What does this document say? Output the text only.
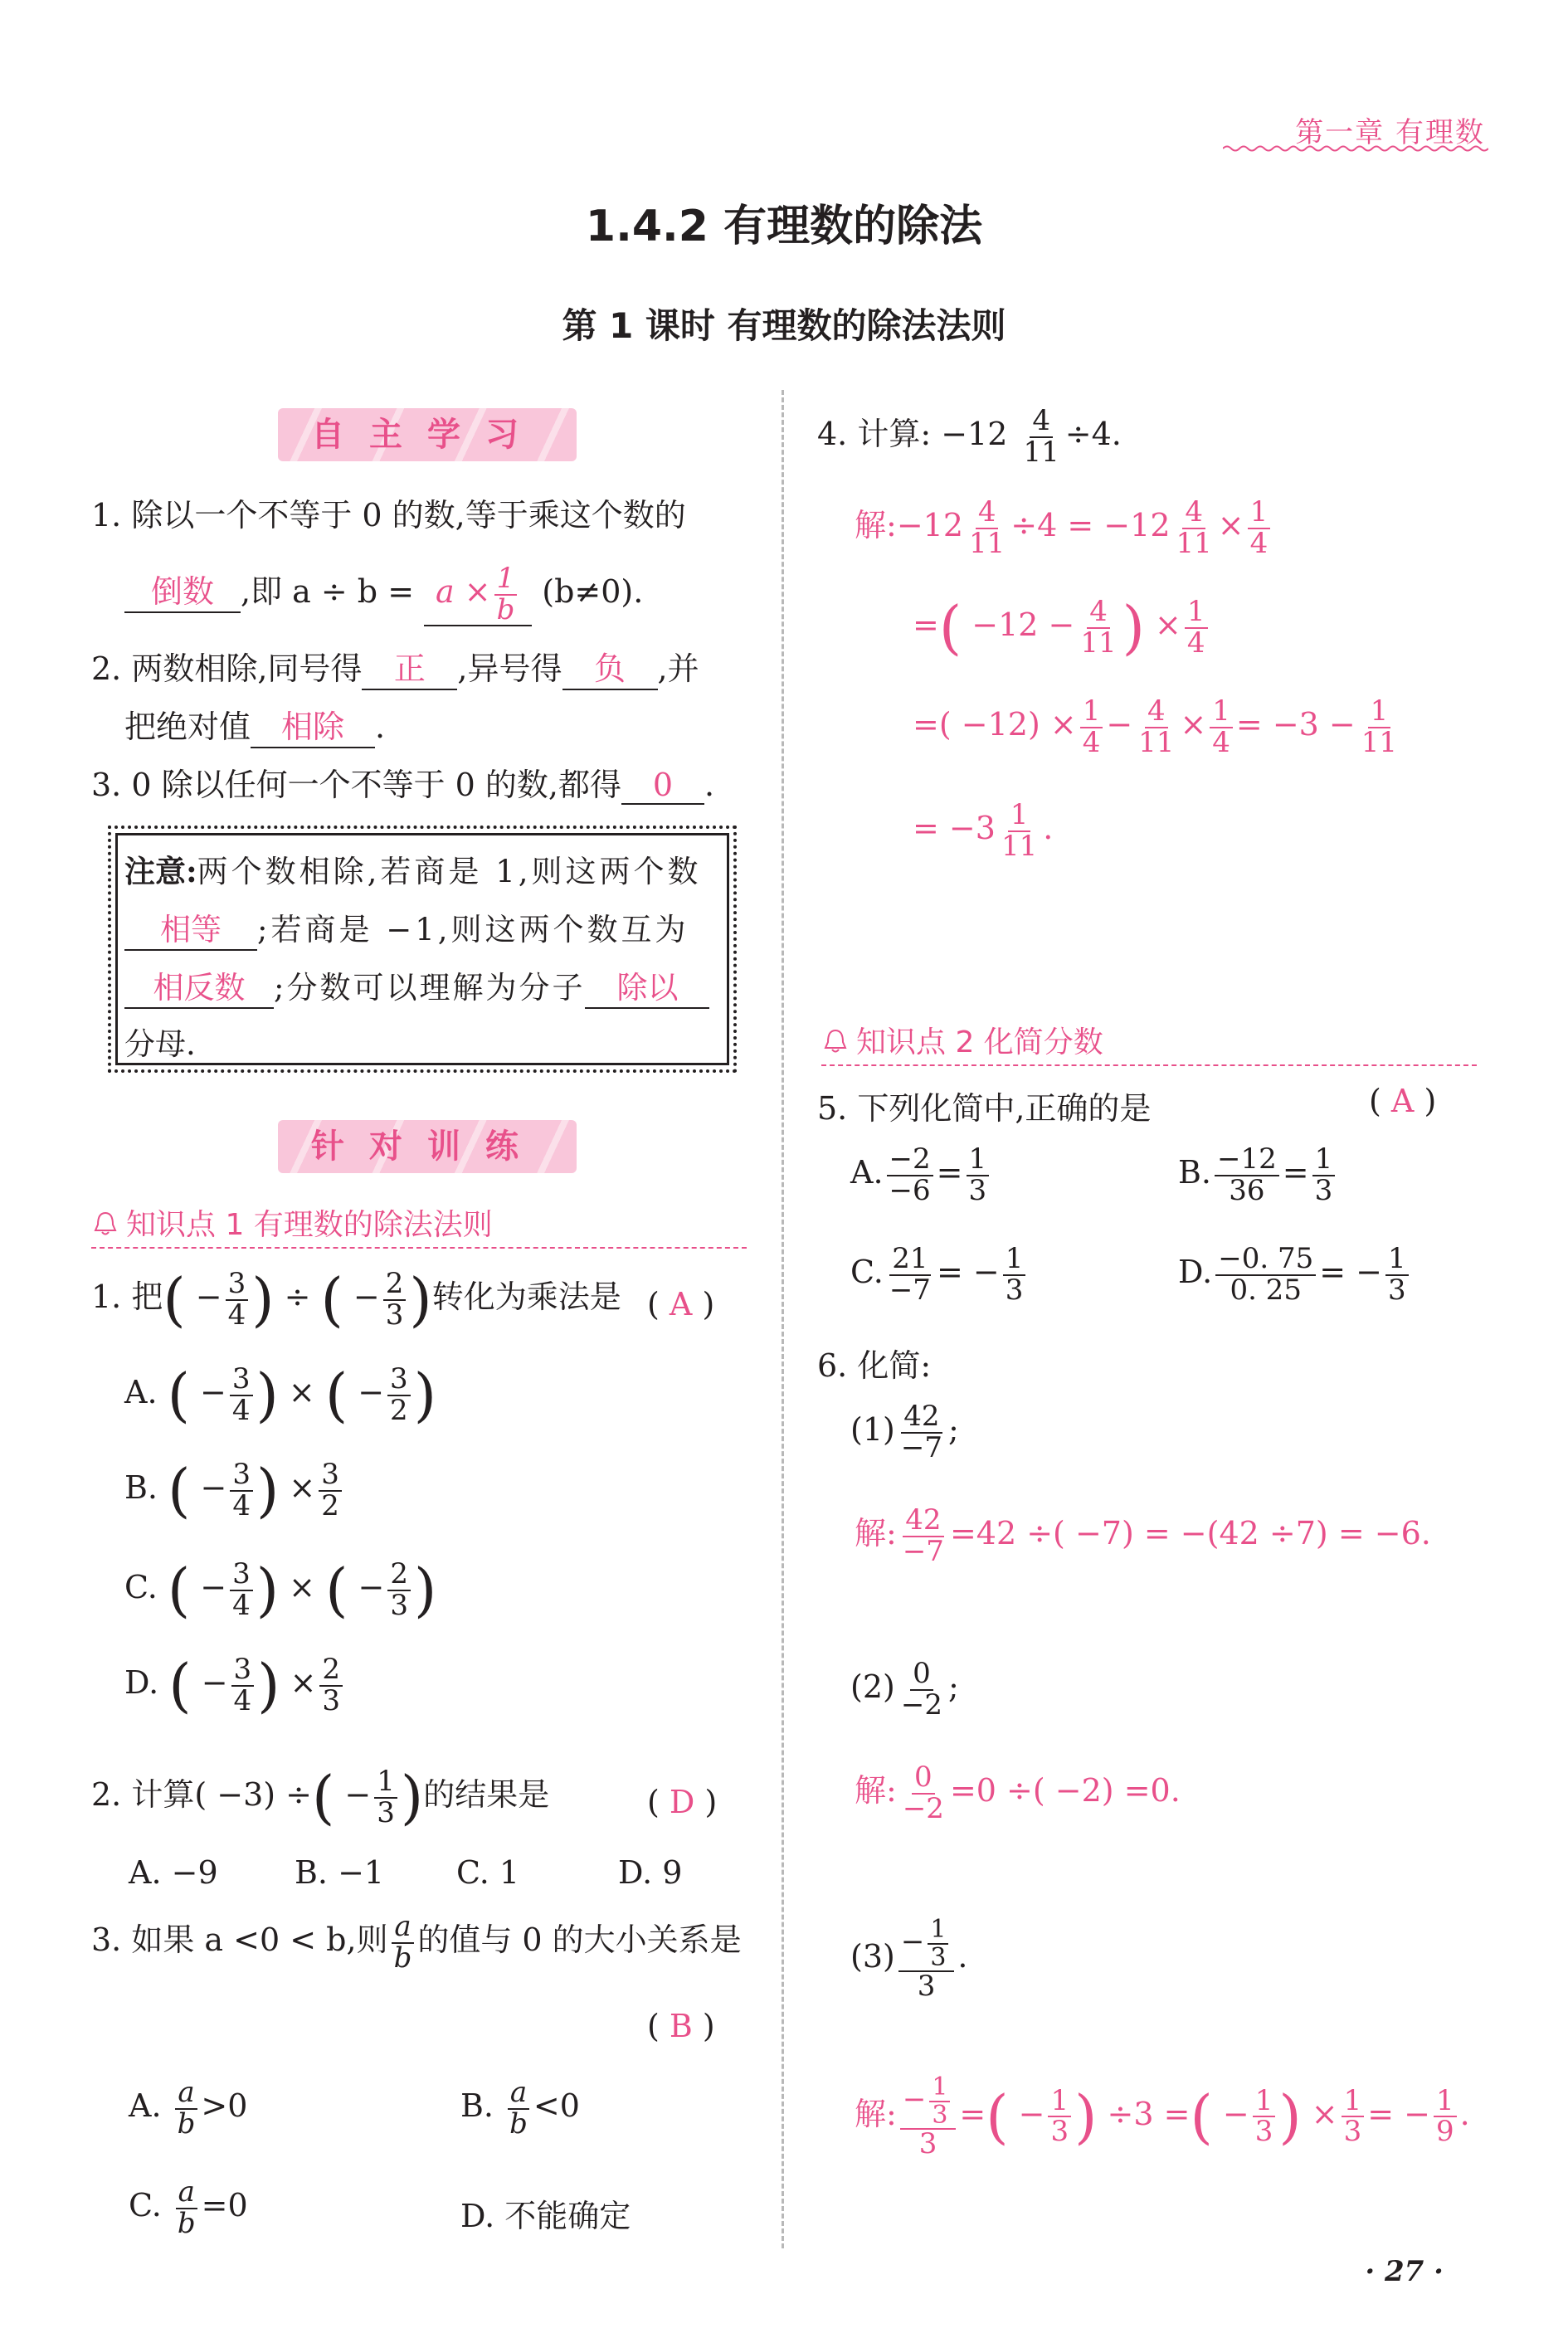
第一章 有理数
1.4.2 有理数的除法
第 1 课时 有理数的除法法则
自主学习
1. 除以一个不等于 0 的数,等于乘这个数的
倒数 ,即 $a \div b = a \times \frac{1}{b} (b\ne 0)$.
2. 两数相除,同号得 正 ,异号得 负 ,并
把绝对值 相除 .
3. 0 除以任何一个不等于 0 的数,都得 0 .
注意:两个数相除,若商是 1,则这两个数
相等 ;若商是 −1,则这两个数互为
相反数 ;分数可以理解为分子 除以
分母.
针对训练
知识点 1 有理数的除法法则
1. 把( − $\frac{3}{4}$ ) ÷ ( − $\frac{2}{3}$ )转化为乘法是 ( A )
A. ( − $\frac{3}{4}$ ) × ( − $\frac{3}{2}$ )
B. ( − $\frac{3}{4}$ ) × $\frac{3}{2}$
C. ( − $\frac{3}{4}$ ) × ( − $\frac{2}{3}$ )
D. ( − $\frac{3}{4}$ ) × $\frac{2}{3}$
2. 计算( −3) ÷( − $\frac{1}{3}$ )的结果是	( D )
A. −9 B. −1 C. 1	D. 9
3. 如果 a <0 < b,则 $\frac{a}{b}$ 的值与 0 的大小关系是
( B )
A. $\frac{a}{b} >0$	B. $\frac{a}{b} <0$
C. $\frac{a}{b} =0$	D. 不能确定
4. 计算: $-12 \frac{4}{11} \div 4$.
解:−12 $\frac{4}{11} \div 4 = -12 \frac{4}{11} \times \frac{1}{4}$
=( $-12 - \frac{4}{11}$ ) × $\frac{1}{4}$
=( $-12) \times \frac{1}{4} - \frac{4}{11} \times \frac{1}{4} = -3 - \frac{1}{11}$
= $-3 \frac{1}{11}$ .
知识点 2 化简分数
5. 下列化简中,正确的是	( A )
A. $\frac{-2}{-6} = \frac{1}{3}$	B. $\frac{-12}{36} = \frac{1}{3}$
C. $\frac{21}{-7}$ = − $\frac{1}{3}$	D. $\frac{-0. 75}{0. 25}$ = − $\frac{1}{3}$
6. 化简:
$(1) \frac{42}{-7}$ ;
解: $\frac{42}{-7} =42$ ÷( −7) = −(42 ÷7) = −6.
$(2) \frac{0}{-2}$ ;
解: $\frac{0}{-2} =0$ ÷( −2) =0.
$(3) \frac{- \frac{1}{3}}{3}$ .
解: $\frac{- \frac{1}{3}}{3}$ =( − $\frac{1}{3}$ ) ÷3 =( − $\frac{1}{3}$ ) × $\frac{1}{3}$ = − $\frac{1}{9}$ .
· 27 ·
